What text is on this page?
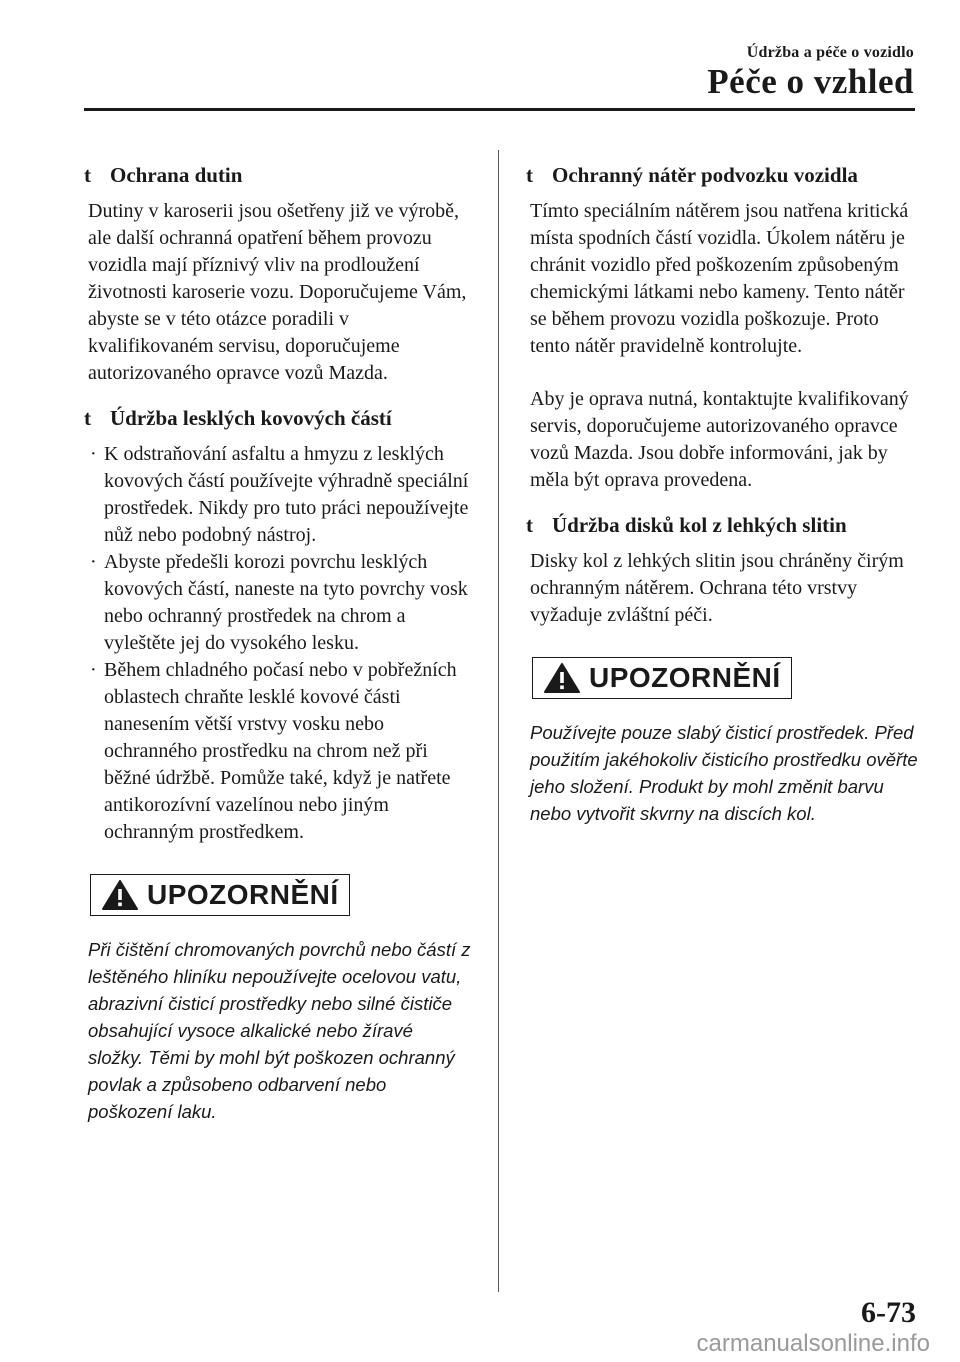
Údržba a péče o vozidlo
Péče o vzhled
t Ochrana dutin

Dutiny v karoserii jsou ošetřeny již ve výrobě, ale další ochranná opatření během provozu vozidla mají příznivý vliv na prodloužení životnosti karoserie vozu. Doporučujeme Vám, abyste se v této otázce poradili v kvalifikovaném servisu, doporučujeme autorizovaného opravce vozů Mazda.

t Údržba lesklých kovových částí
· K odstraňování asfaltu a hmyzu z lesklých kovových částí používejte výhradně speciální prostředek. Nikdy pro tuto práci nepoužívejte nůž nebo podobný nástroj.
· Abyste předešli korozi povrchu lesklých kovových částí, naneste na tyto povrchy vosk nebo ochranný prostředek na chrom a vyleštěte jej do vysokého lesku.
· Během chladného počasí nebo v pobřežních oblastech chraňte lesklé kovové části nanesením větší vrstvy vosku nebo ochranného prostředku na chrom než při běžné údržbě. Pomůže také, když je natřete antikorozívní vazelínou nebo jiným ochranným prostředkem.
UPOZORNĚNÍ

Při čištění chromovaných povrchů nebo částí z leštěného hliníku nepoužívejte ocelovou vatu, abrazivní čisticí prostředky nebo silné čističe obsahující vysoce alkalické nebo žíravé složky. Těmi by mohl být poškozen ochranný povlak a způsobeno odbarvení nebo poškození laku.

t Ochranný nátěr podvozku vozidla

Tímto speciálním nátěrem jsou natřena kritická místa spodních částí vozidla. Úkolem nátěru je chránit vozidlo před poškozením způsobeným chemickými látkami nebo kameny. Tento nátěr se během provozu vozidla poškozuje. Proto tento nátěr pravidelně kontrolujte.

Aby je oprava nutná, kontaktujte kvalifikovaný servis, doporučujeme autorizovaného opravce vozů Mazda. Jsou dobře informováni, jak by měla být oprava provedena.

t Údržba disků kol z lehkých slitin

Disky kol z lehkých slitin jsou chráněny čirým ochranným nátěrem. Ochrana této vrstvy vyžaduje zvláštní péči.

UPOZORNĚNÍ

Používejte pouze slabý čisticí prostředek. Před použitím jakéhokoliv čisticího prostředku ověřte jeho složení. Produkt by mohl změnit barvu nebo vytvořit skvrny na discích kol.

6-73
carmanualsonline.info
